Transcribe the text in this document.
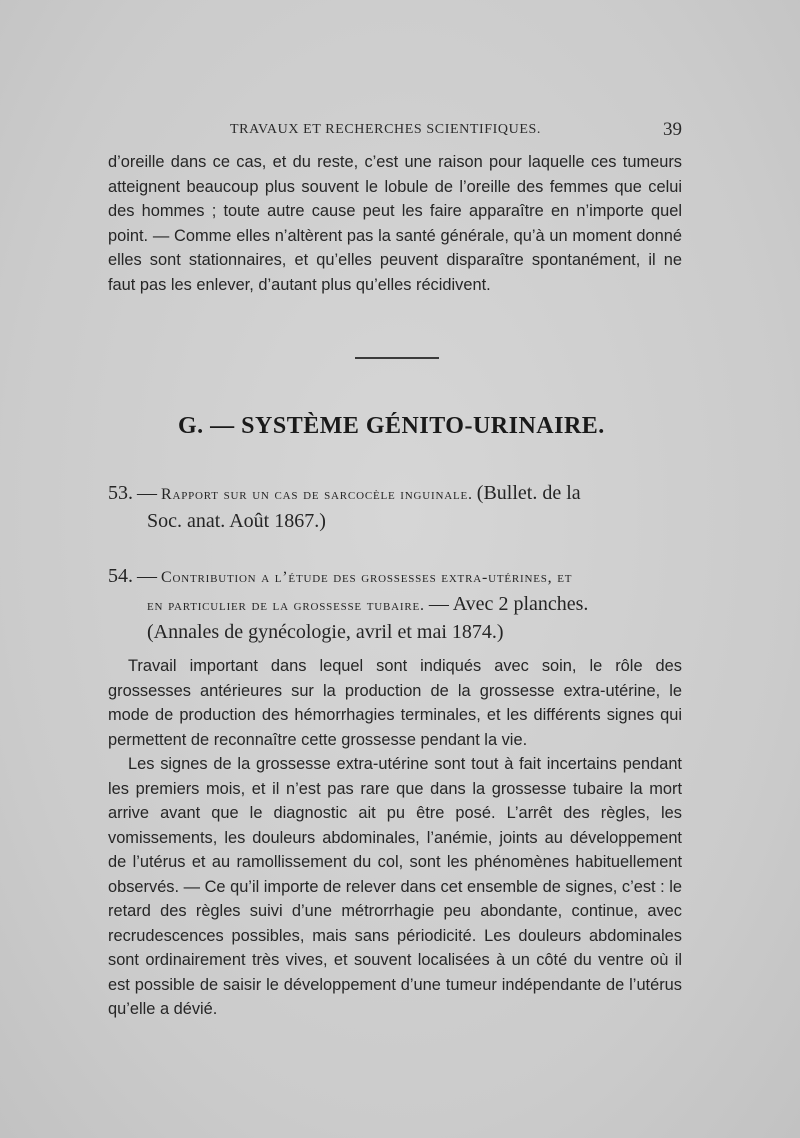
TRAVAUX ET RECHERCHES SCIENTIFIQUES.	39

d’oreille dans ce cas, et du reste, c’est une raison pour laquelle ces tumeurs atteignent beaucoup plus souvent le lobule de l’oreille des femmes que celui des hommes ; toute autre cause peut les faire apparaître en n’importe quel point. — Comme elles n’altèrent pas la santé générale, qu’à un moment donné elles sont stationnaires, et qu’elles peuvent disparaître spontanément, il ne faut pas les enlever, d’autant plus qu’elles récidivent.

G. — SYSTÈME GÉNITO-URINAIRE.
53. — Rapport sur un cas de sarcocèle inguinale. (Bullet. de la
Soc. anat. Août 1867.)
54. — Contribution a l’étude des grossesses extra-utérines, et
en particulier de la grossesse tubaire. — Avec 2 planches.
(Annales de gynécologie, avril et mai 1874.)

Travail important dans lequel sont indiqués avec soin, le rôle des grossesses antérieures sur la production de la grossesse extra-utérine, le mode de production des hémorrhagies terminales, et les différents signes qui permettent de reconnaître cette grossesse pendant la vie.

Les signes de la grossesse extra-utérine sont tout à fait incertains pendant les premiers mois, et il n’est pas rare que dans la grossesse tubaire la mort arrive avant que le diagnostic ait pu être posé. L’arrêt des règles, les vomissements, les douleurs abdominales, l’anémie, joints au développement de l’utérus et au ramollissement du col, sont les phénomènes habituellement observés. — Ce qu’il importe de relever dans cet ensemble de signes, c’est : le retard des règles suivi d’une métrorrhagie peu abondante, continue, avec recrudescences possibles, mais sans périodicité. Les douleurs abdominales sont ordinairement très vives, et souvent localisées à un côté du ventre où il est possible de saisir le développement d’une tumeur indépendante de l’utérus qu’elle a dévié.
